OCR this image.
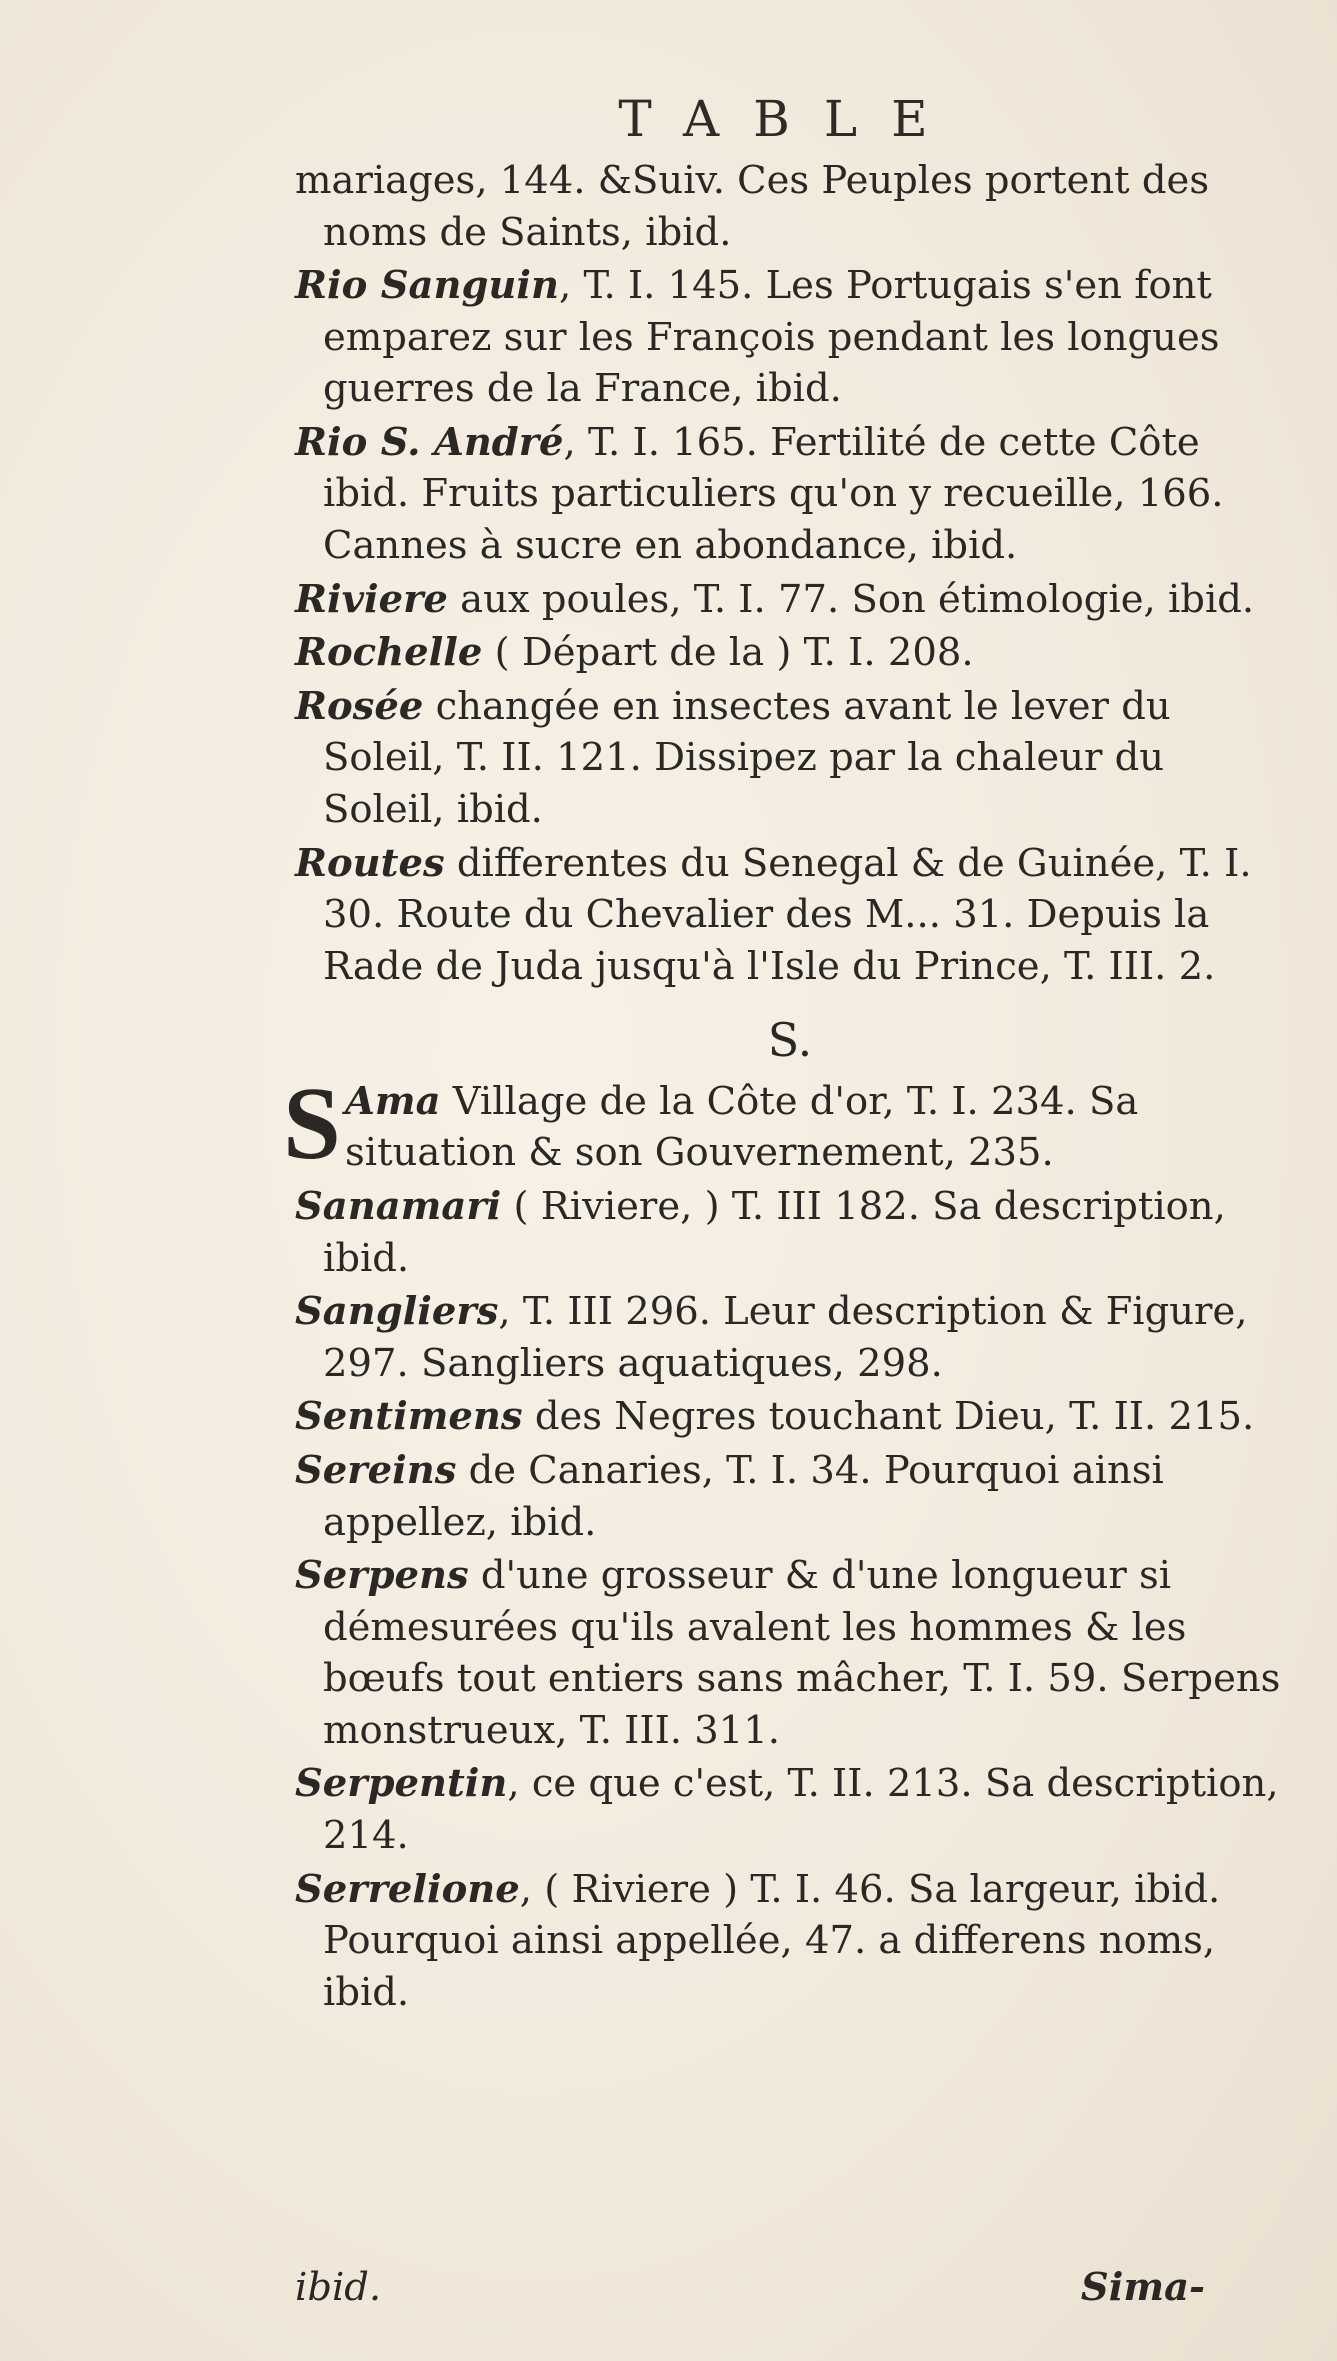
TABLE
mariages, 144. &Suiv. Ces Peuples portent des noms de Saints, ibid.
Rio Sanguin, T. I. 145. Les Portugais s'en font emparez sur les François pendant les longues guerres de la France, ibid.
Rio S. André, T. I. 165. Fertilité de cette Côte ibid. Fruits particuliers qu'on y recueille, 166. Cannes à sucre en abondance, ibid.
Riviere aux poules, T. I. 77. Son étimologie, ibid.
Rochelle ( Départ de la ) T. I. 208.
Rosée changée en insectes avant le lever du Soleil, T. II. 121. Dissipez par la chaleur du Soleil, ibid.
Routes differentes du Senegal & de Guinée, T. I. 30. Route du Chevalier des M... 31. Depuis la Rade de Juda jusqu'à l'Isle du Prince, T. III. 2.
S.
S Ama Village de la Côte d'or, T. I. 234. Sa situation & son Gouvernement, 235.
Sanamari ( Riviere, ) T. III 182. Sa description, ibid.
Sangliers, T. III 296. Leur description & Figure, 297. Sangliers aquatiques, 298.
Sentimens des Negres touchant Dieu, T. II. 215.
Sereins de Canaries, T. I. 34. Pourquoi ainsi appellez, ibid.
Serpens d'une grosseur & d'une longueur si démesurées qu'ils avalent les hommes & les bœufs tout entiers sans mâcher, T. I. 59. Serpens monstrueux, T. III. 311.
Serpentin, ce que c'est, T. II. 213. Sa description, 214.
Serrelione, ( Riviere ) T. I. 46. Sa largeur, ibid. Pourquoi ainsi appellée, 47. a differens noms, ibid.
ibid.	Sima-
